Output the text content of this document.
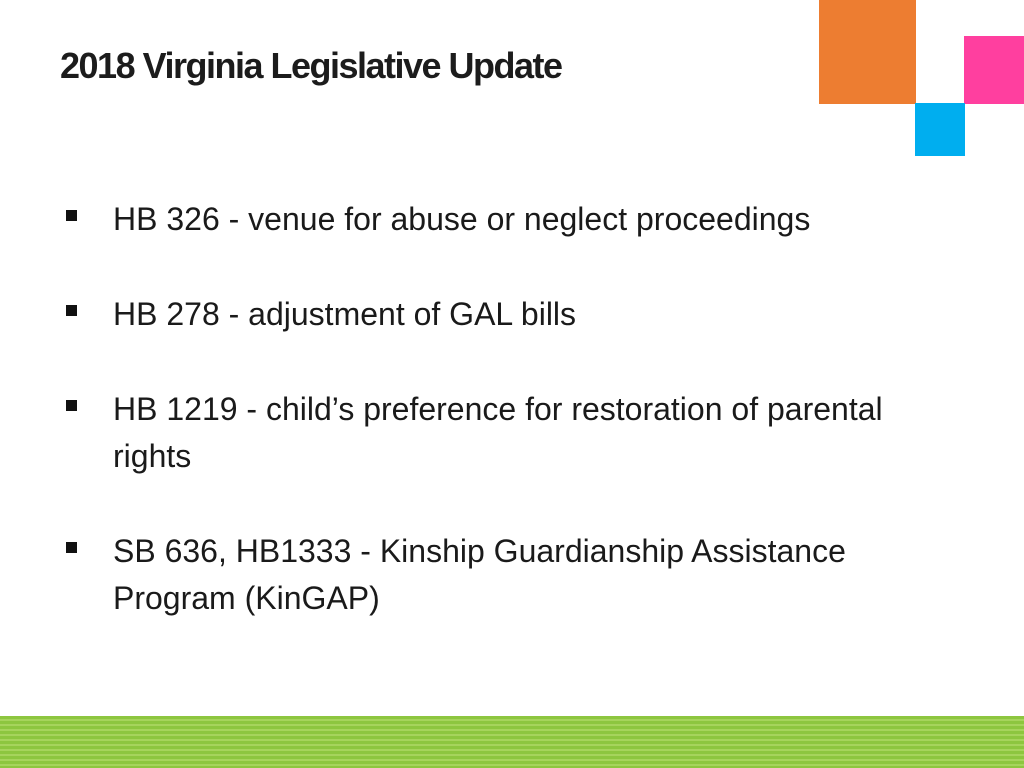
2018 Virginia Legislative Update
HB 326 - venue for abuse or neglect proceedings
HB 278 - adjustment of GAL bills
HB 1219 - child’s preference for restoration of parental rights
SB 636, HB1333 - Kinship Guardianship Assistance Program (KinGAP)
